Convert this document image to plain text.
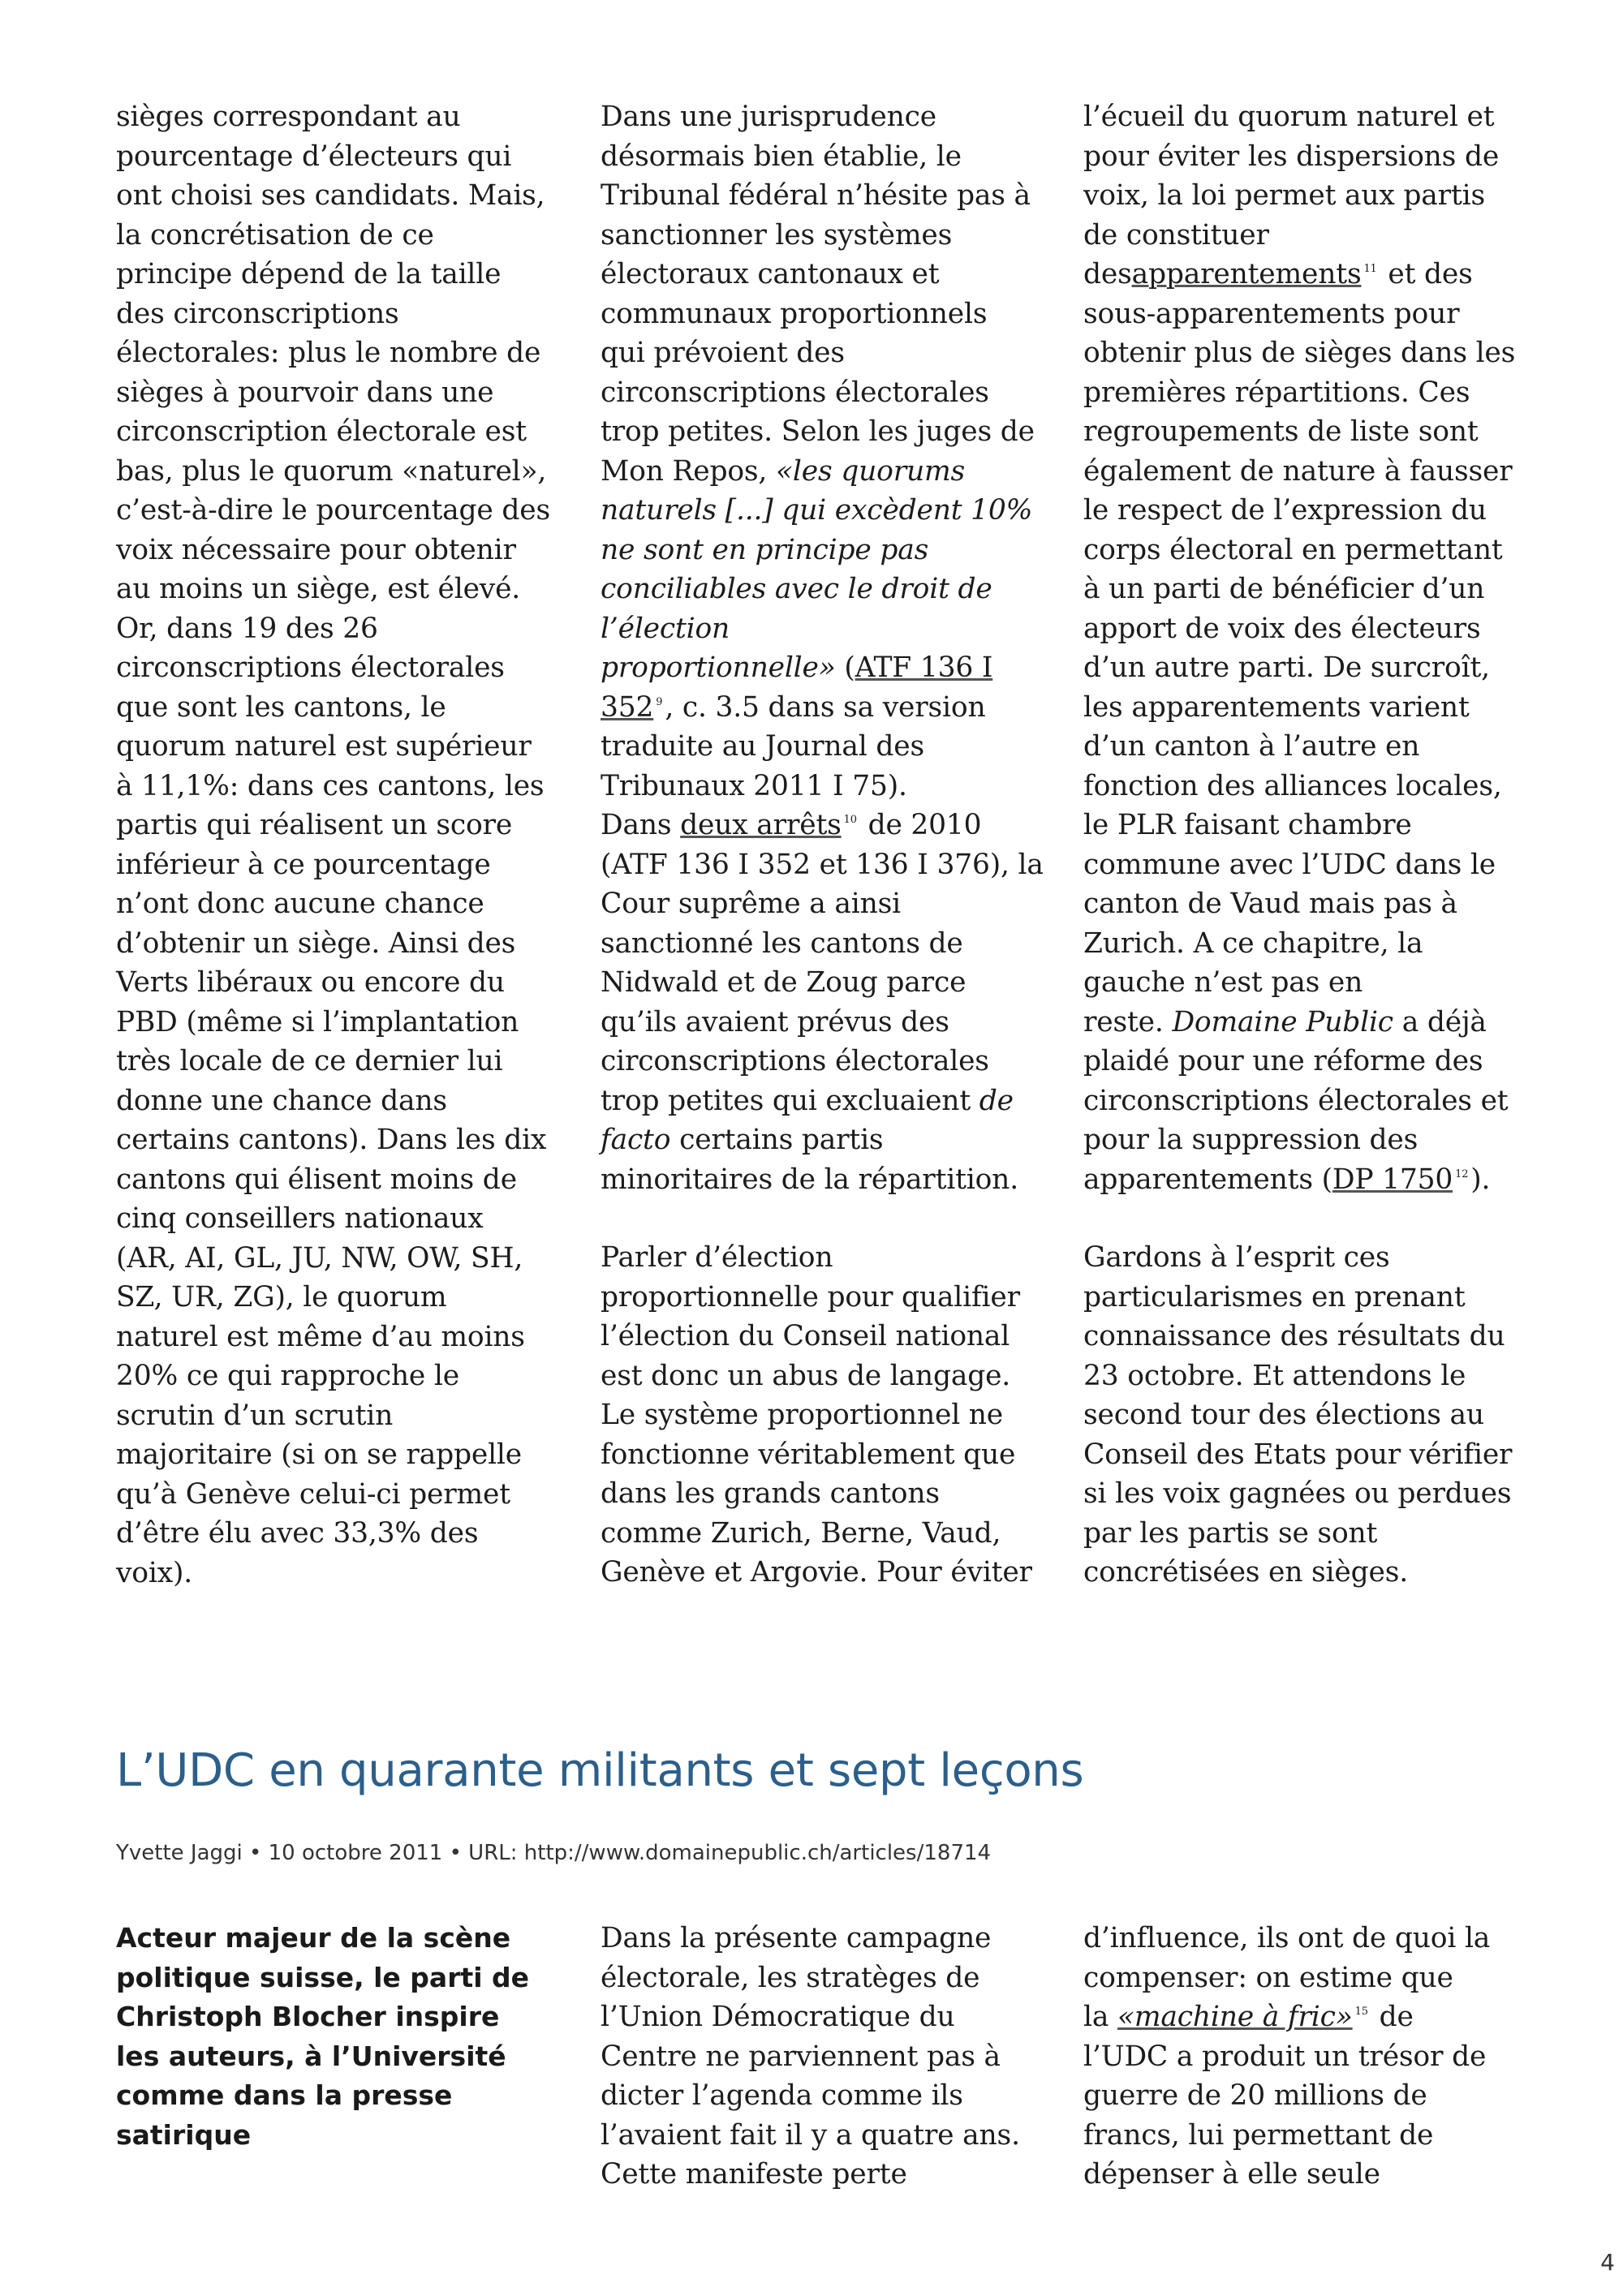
sièges correspondant au
pourcentage d’électeurs qui
ont choisi ses candidats. Mais,
la concrétisation de ce
principe dépend de la taille
des circonscriptions
électorales: plus le nombre de
sièges à pourvoir dans une
circonscription électorale est
bas, plus le quorum «naturel»,
c’est-à-dire le pourcentage des
voix nécessaire pour obtenir
au moins un siège, est élevé.
Or, dans 19 des 26
circonscriptions électorales
que sont les cantons, le
quorum naturel est supérieur
à 11,1%: dans ces cantons, les
partis qui réalisent un score
inférieur à ce pourcentage
n’ont donc aucune chance
d’obtenir un siège. Ainsi des
Verts libéraux ou encore du
PBD (même si l’implantation
très locale de ce dernier lui
donne une chance dans
certains cantons). Dans les dix
cantons qui élisent moins de
cinq conseillers nationaux
(AR, AI, GL, JU, NW, OW, SH,
SZ, UR, ZG), le quorum
naturel est même d’au moins
20% ce qui rapproche le
scrutin d’un scrutin
majoritaire (si on se rappelle
qu’à Genève celui-ci permet
d’être élu avec 33,3% des
voix).
Dans une jurisprudence
désormais bien établie, le
Tribunal fédéral n’hésite pas à
sanctionner les systèmes
électoraux cantonaux et
communaux proportionnels
qui prévoient des
circonscriptions électorales
trop petites. Selon les juges de
Mon Repos, «les quorums
naturels [...] qui excèdent 10%
ne sont en principe pas
conciliables avec le droit de
l’élection
proportionnelle» (ATF 136 I
352 $^9$, c. 3.5 dans sa version
traduite au Journal des
Tribunaux 2011 I 75).
Dans deux arrêts $^{10}$ de 2010
(ATF 136 I 352 et 136 I 376), la
Cour suprême a ainsi
sanctionné les cantons de
Nidwald et de Zoug parce
qu’ils avaient prévus des
circonscriptions électorales
trop petites qui excluaient de
facto certains partis
minoritaires de la répartition.
Parler d’élection
proportionnelle pour qualifier
l’élection du Conseil national
est donc un abus de langage.
Le système proportionnel ne
fonctionne véritablement que
dans les grands cantons
comme Zurich, Berne, Vaud,
Genève et Argovie. Pour éviter
l’écueil du quorum naturel et
pour éviter les dispersions de
voix, la loi permet aux partis
de constituer
desapparentements $^{11}$ et des
sous-apparentements pour
obtenir plus de sièges dans les
premières répartitions. Ces
regroupements de liste sont
également de nature à fausser
le respect de l’expression du
corps électoral en permettant
à un parti de bénéficier d’un
apport de voix des électeurs
d’un autre parti. De surcroît,
les apparentements varient
d’un canton à l’autre en
fonction des alliances locales,
le PLR faisant chambre
commune avec l’UDC dans le
canton de Vaud mais pas à
Zurich. A ce chapitre, la
gauche n’est pas en
reste. Domaine Public a déjà
plaidé pour une réforme des
circonscriptions électorales et
pour la suppression des
apparentements (DP 1750 $^{12}$).
Gardons à l’esprit ces
particularismes en prenant
connaissance des résultats du
23 octobre. Et attendons le
second tour des élections au
Conseil des Etats pour vérifier
si les voix gagnées ou perdues
par les partis se sont
concrétisées en sièges.
L’UDC en quarante militants et sept leçons
Yvette Jaggi • 10 octobre 2011 • URL: http://www.domainepublic.ch/articles/18714
Acteur majeur de la scène
politique suisse, le parti de
Christoph Blocher inspire
les auteurs, à l’Université
comme dans la presse
satirique
Dans la présente campagne
électorale, les stratèges de
l’Union Démocratique du
Centre ne parviennent pas à
dicter l’agenda comme ils
l’avaient fait il y a quatre ans.
Cette manifeste perte
d’influence, ils ont de quoi la
compenser: on estime que
la «machine à fric» $^{15}$ de
l’UDC a produit un trésor de
guerre de 20 millions de
francs, lui permettant de
dépenser à elle seule
4
